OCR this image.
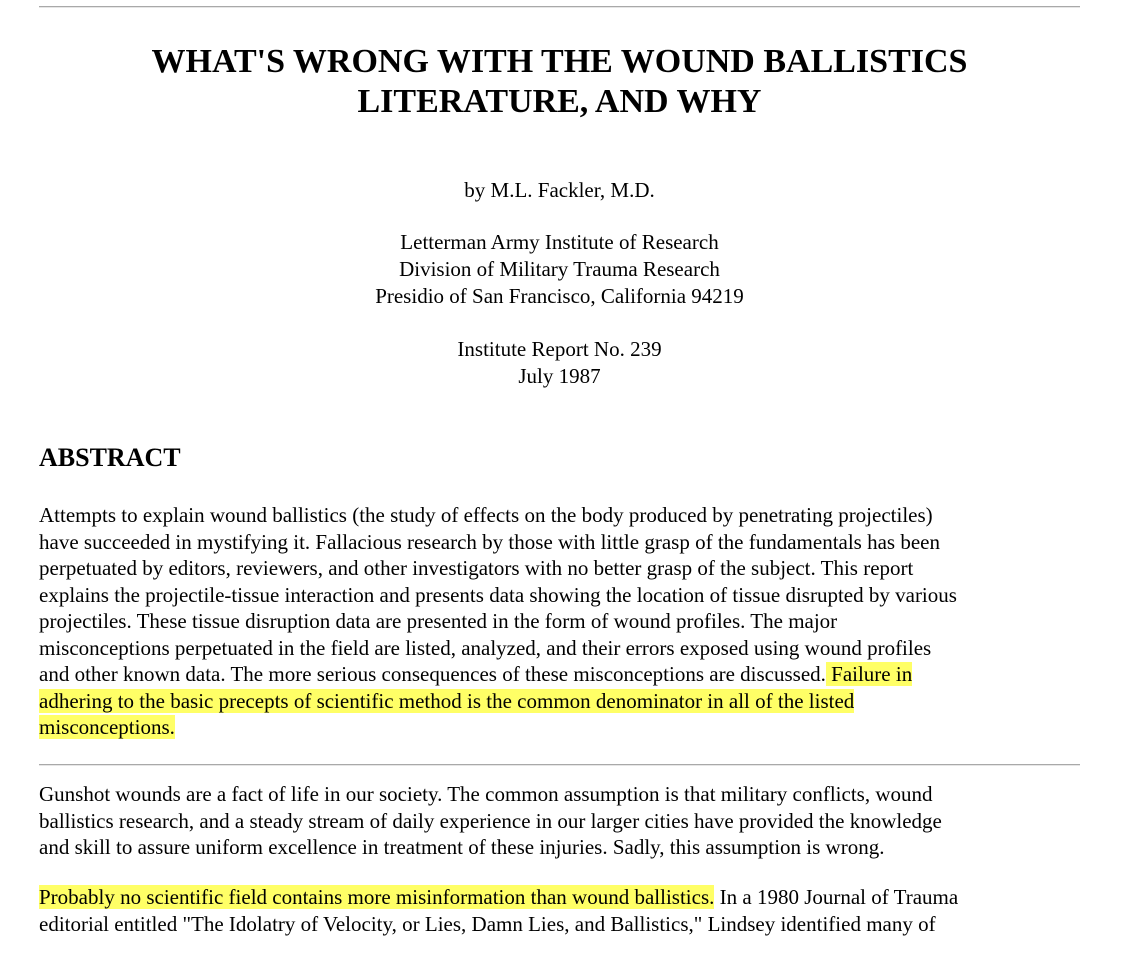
WHAT'S WRONG WITH THE WOUND BALLISTICS
LITERATURE, AND WHY
by M.L. Fackler, M.D.
Letterman Army Institute of Research
Division of Military Trauma Research
Presidio of San Francisco, California 94219
Institute Report No. 239
July 1987
ABSTRACT
Attempts to explain wound ballistics (the study of effects on the body produced by penetrating projectiles)
have succeeded in mystifying it. Fallacious research by those with little grasp of the fundamentals has been
perpetuated by editors, reviewers, and other investigators with no better grasp of the subject. This report
explains the projectile-tissue interaction and presents data showing the location of tissue disrupted by various
projectiles. These tissue disruption data are presented in the form of wound profiles. The major
misconceptions perpetuated in the field are listed, analyzed, and their errors exposed using wound profiles
and other known data. The more serious consequences of these misconceptions are discussed. Failure in
adhering to the basic precepts of scientific method is the common denominator in all of the listed
misconceptions.
Gunshot wounds are a fact of life in our society. The common assumption is that military conflicts, wound
ballistics research, and a steady stream of daily experience in our larger cities have provided the knowledge
and skill to assure uniform excellence in treatment of these injuries. Sadly, this assumption is wrong.
Probably no scientific field contains more misinformation than wound ballistics. In a 1980 Journal of Trauma
editorial entitled "The Idolatry of Velocity, or Lies, Damn Lies, and Ballistics," Lindsey identified many of
